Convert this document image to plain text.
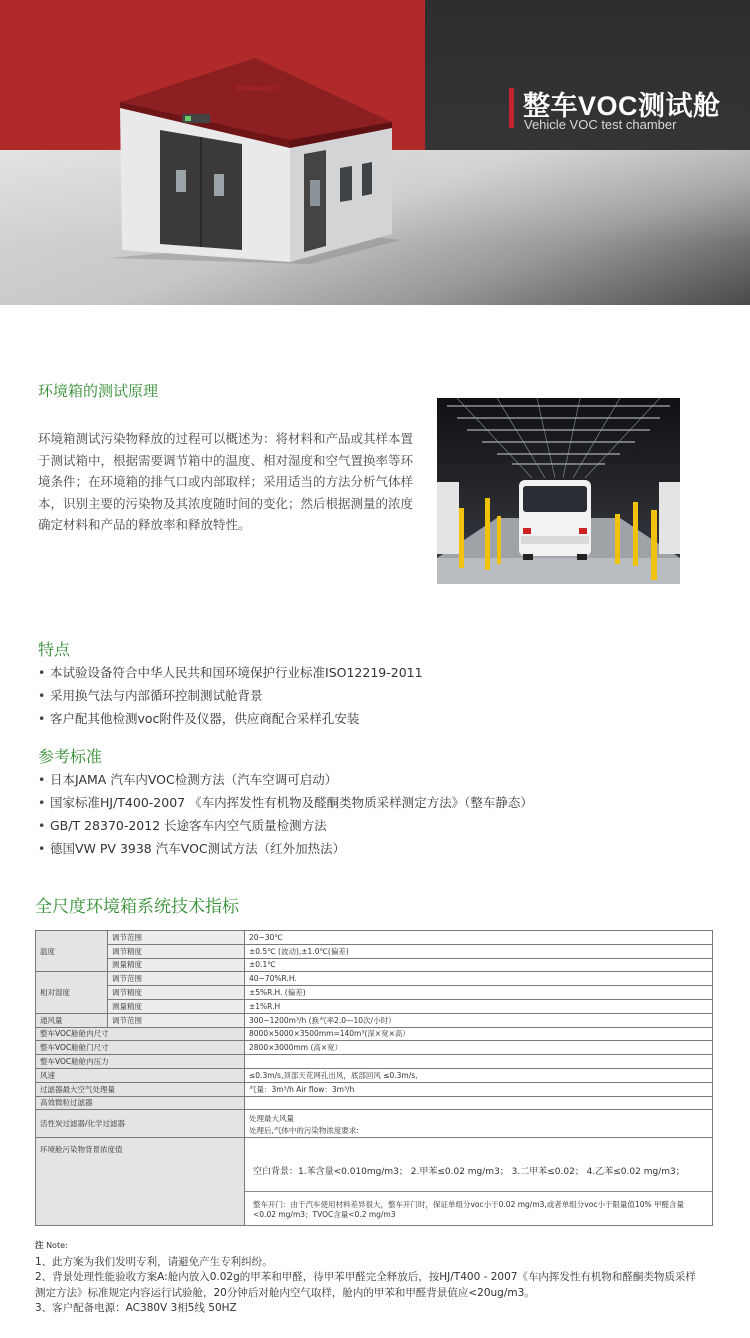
Simpleway舒美
整车VOC测试舱
Vehicle VOC test chamber
环境箱的测试原理
环境箱测试污染物释放的过程可以概述为：将材料和产品或其样本置于测试箱中，根据需要调节箱中的温度、相对湿度和空气置换率等环境条件；在环境箱的排气口或内部取样；采用适当的方法分析气体样本，识别主要的污染物及其浓度随时间的变化；然后根据测量的浓度确定材料和产品的释放率和释放特性。
特点
• 本试验设备符合中华人民共和国环境保护行业标准ISO12219-2011
• 采用换气法与内部循环控制测试舱背景
• 客户配其他检测voc附件及仪器，供应商配合采样孔安装
参考标准
• 日本JAMA 汽车内VOC检测方法（汽车空调可启动）
• 国家标准HJ/T400-2007 《车内挥发性有机物及醛酮类物质采样测定方法》（整车静态）
• GB/T 28370-2012 长途客车内空气质量检测方法
• 德国VW PV 3938 汽车VOC测试方法（红外加热法）
全尺度环境箱系统技术指标
温度	调节范围	20~30℃
	调节精度	±0.5℃ (波动),±1.0℃(偏差)
	测量精度	±0.1℃
相对湿度	调节范围	40~70%R.H.
	调节精度	±5%R.H. (偏差)
	测量精度	±1%R.H
通风量	调节范围	300~1200m³/h (换气率2.0—10次/小时）
整车VOC舱舱内尺寸		8000×5000×3500mm=140m³(深×宽×高）
整车VOC舱舱门尺寸		2800×3000mm (高×宽）
整车VOC舱舱内压力		
风速		≤0.3m/s,顶部天花网孔出风，底部回风 ≤0.3m/s,
过滤器最大空气处理量		气量：3m³/h Air flow：3m³/h
高效微粒过滤器		
活性炭过滤器/化学过滤器		处理最大风量
处理后,气体中的污染物浓度要求:

环境舱污染物背景浓度值		空白背景：1.苯含量<0.010mg/m3； 2.甲苯≤0.02 mg/m3； 3.二甲苯≤0.02； 4.乙苯≤0.02 mg/m3；
整车开门：由于汽车使用材料差异很大，整车开门时，保证单组分voc小于0.02 mg/m3,或者单组分voc小于限量值10% 甲醛含量<0.02 mg/m3；TVOC含量<0.2 mg/m3
注 Note:
1、此方案为我们发明专利，请避免产生专利纠纷。
2、背景处理性能验收方案A:舱内放入0.02g的甲苯和甲醛，待甲苯甲醛完全释放后，按HJ/T400 - 2007《车内挥发性有机物和醛酮类物质采样
测定方法》标准规定内容运行试验舱，20分钟后对舱内空气取样，舱内的甲苯和甲醛背景值应<20ug/m3。
3、客户配备电源：AC380V 3相5线 50HZ
